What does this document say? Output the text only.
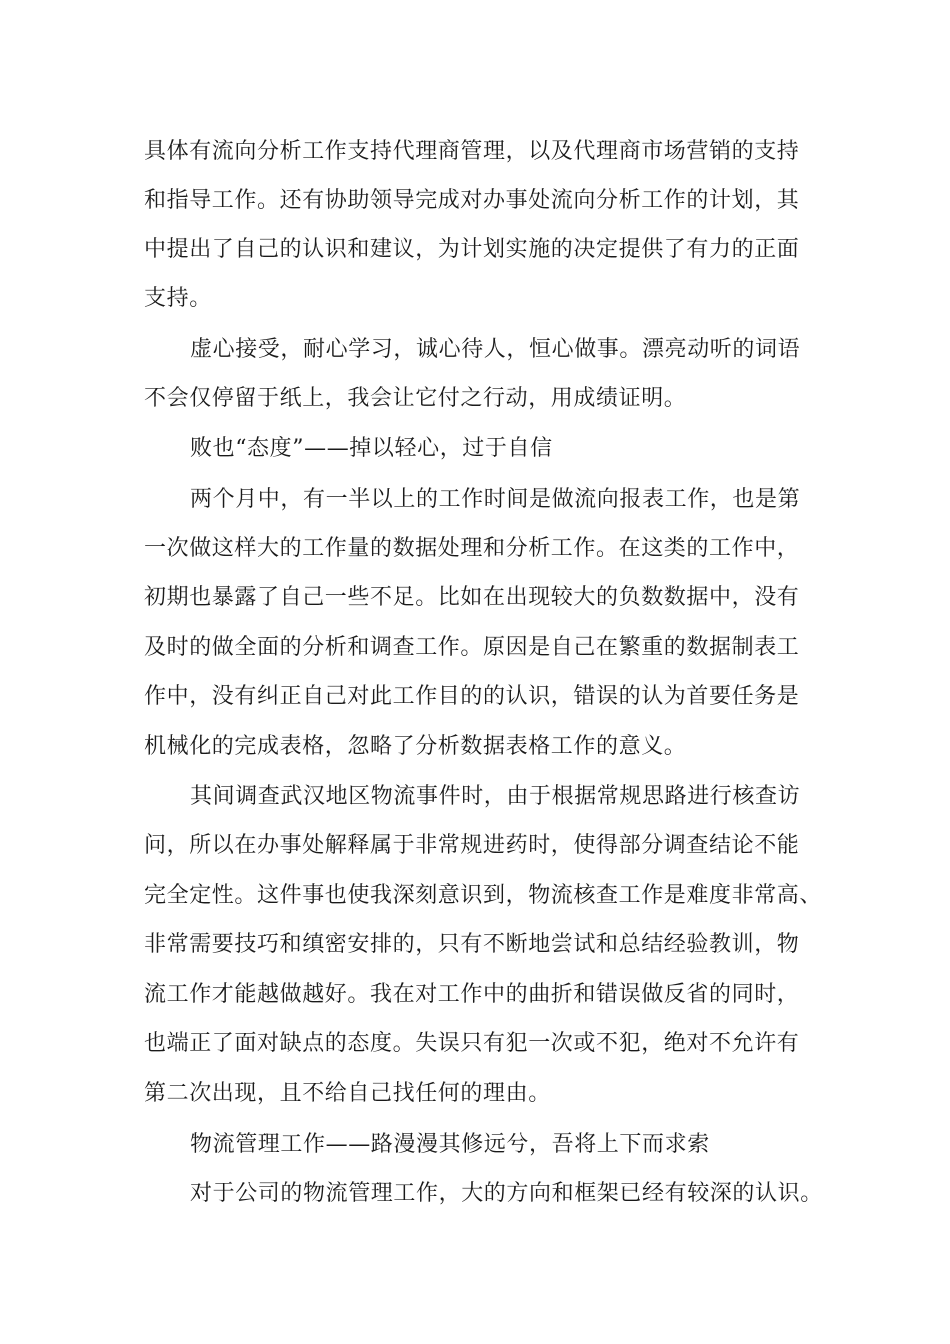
具体有流向分析工作支持代理商管理，以及代理商市场营销的支持
和指导工作。还有协助领导完成对办事处流向分析工作的计划，其
中提出了自己的认识和建议，为计划实施的决定提供了有力的正面
支持。
虚心接受，耐心学习，诚心待人，恒心做事。漂亮动听的词语
不会仅停留于纸上，我会让它付之行动，用成绩证明。
败也“态度”——掉以轻心，过于自信
两个月中，有一半以上的工作时间是做流向报表工作，也是第
一次做这样大的工作量的数据处理和分析工作。在这类的工作中，
初期也暴露了自己一些不足。比如在出现较大的负数数据中，没有
及时的做全面的分析和调查工作。原因是自己在繁重的数据制表工
作中，没有纠正自己对此工作目的的认识，错误的认为首要任务是
机械化的完成表格，忽略了分析数据表格工作的意义。
其间调查武汉地区物流事件时，由于根据常规思路进行核查访
问，所以在办事处解释属于非常规进药时，使得部分调查结论不能
完全定性。这件事也使我深刻意识到，物流核查工作是难度非常高、
非常需要技巧和缜密安排的，只有不断地尝试和总结经验教训，物
流工作才能越做越好。我在对工作中的曲折和错误做反省的同时，
也端正了面对缺点的态度。失误只有犯一次或不犯，绝对不允许有
第二次出现，且不给自己找任何的理由。
物流管理工作——路漫漫其修远兮，吾将上下而求索
对于公司的物流管理工作，大的方向和框架已经有较深的认识。
